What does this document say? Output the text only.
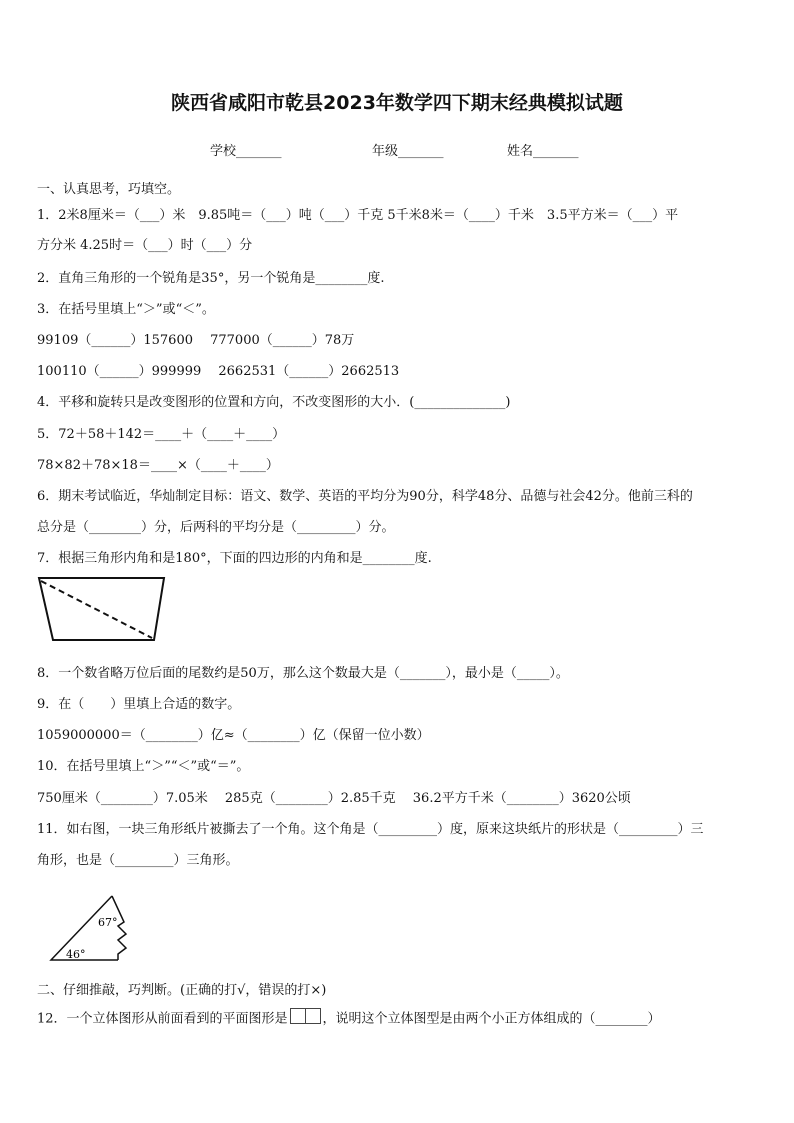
陕西省咸阳市乾县2023年数学四下期末经典模拟试题
学校_______	年级_______	姓名_______
一、认真思考，巧填空。
1．2米8厘米＝（___）米　9.85吨＝（___）吨（___）千克 5千米8米＝（____）千米　3.5平方米＝（___）平
方分米 4.25时＝（___）时（___）分
2．直角三角形的一个锐角是35°，另一个锐角是________度.
3．在括号里填上“＞”或“＜”。
99109（______）157600　 777000（______）78万
100110（______）999999　 2662531（______）2662513
4．平移和旋转只是改变图形的位置和方向，不改变图形的大小．(______________)
5．72＋58＋142＝____＋（____＋____）
78×82＋78×18＝____×（____＋____）
6．期末考试临近，华灿制定目标：语文、数学、英语的平均分为90分，科学48分、品德与社会42分。他前三科的
总分是（________）分，后两科的平均分是（_________）分。
7．根据三角形内角和是180°，下面的四边形的内角和是________度.
8．一个数省略万位后面的尾数约是50万，那么这个数最大是（_______），最小是（_____）。
9．在（　　）里填上合适的数字。
1059000000＝（________）亿≈（________）亿（保留一位小数）
10．在括号里填上“＞”“＜”或“＝”。
750厘米（________）7.05米　 285克（________）2.85千克　 36.2平方千米（________）3620公顷
11．如右图，一块三角形纸片被撕去了一个角。这个角是（_________）度，原来这块纸片的形状是（_________）三
角形，也是（_________）三角形。
67°
46°
二、仔细推敲，巧判断。(正确的打√，错误的打×)
12．一个立体图形从前面看到的平面图形是	，说明这个立体图型是由两个小正方体组成的（________）
